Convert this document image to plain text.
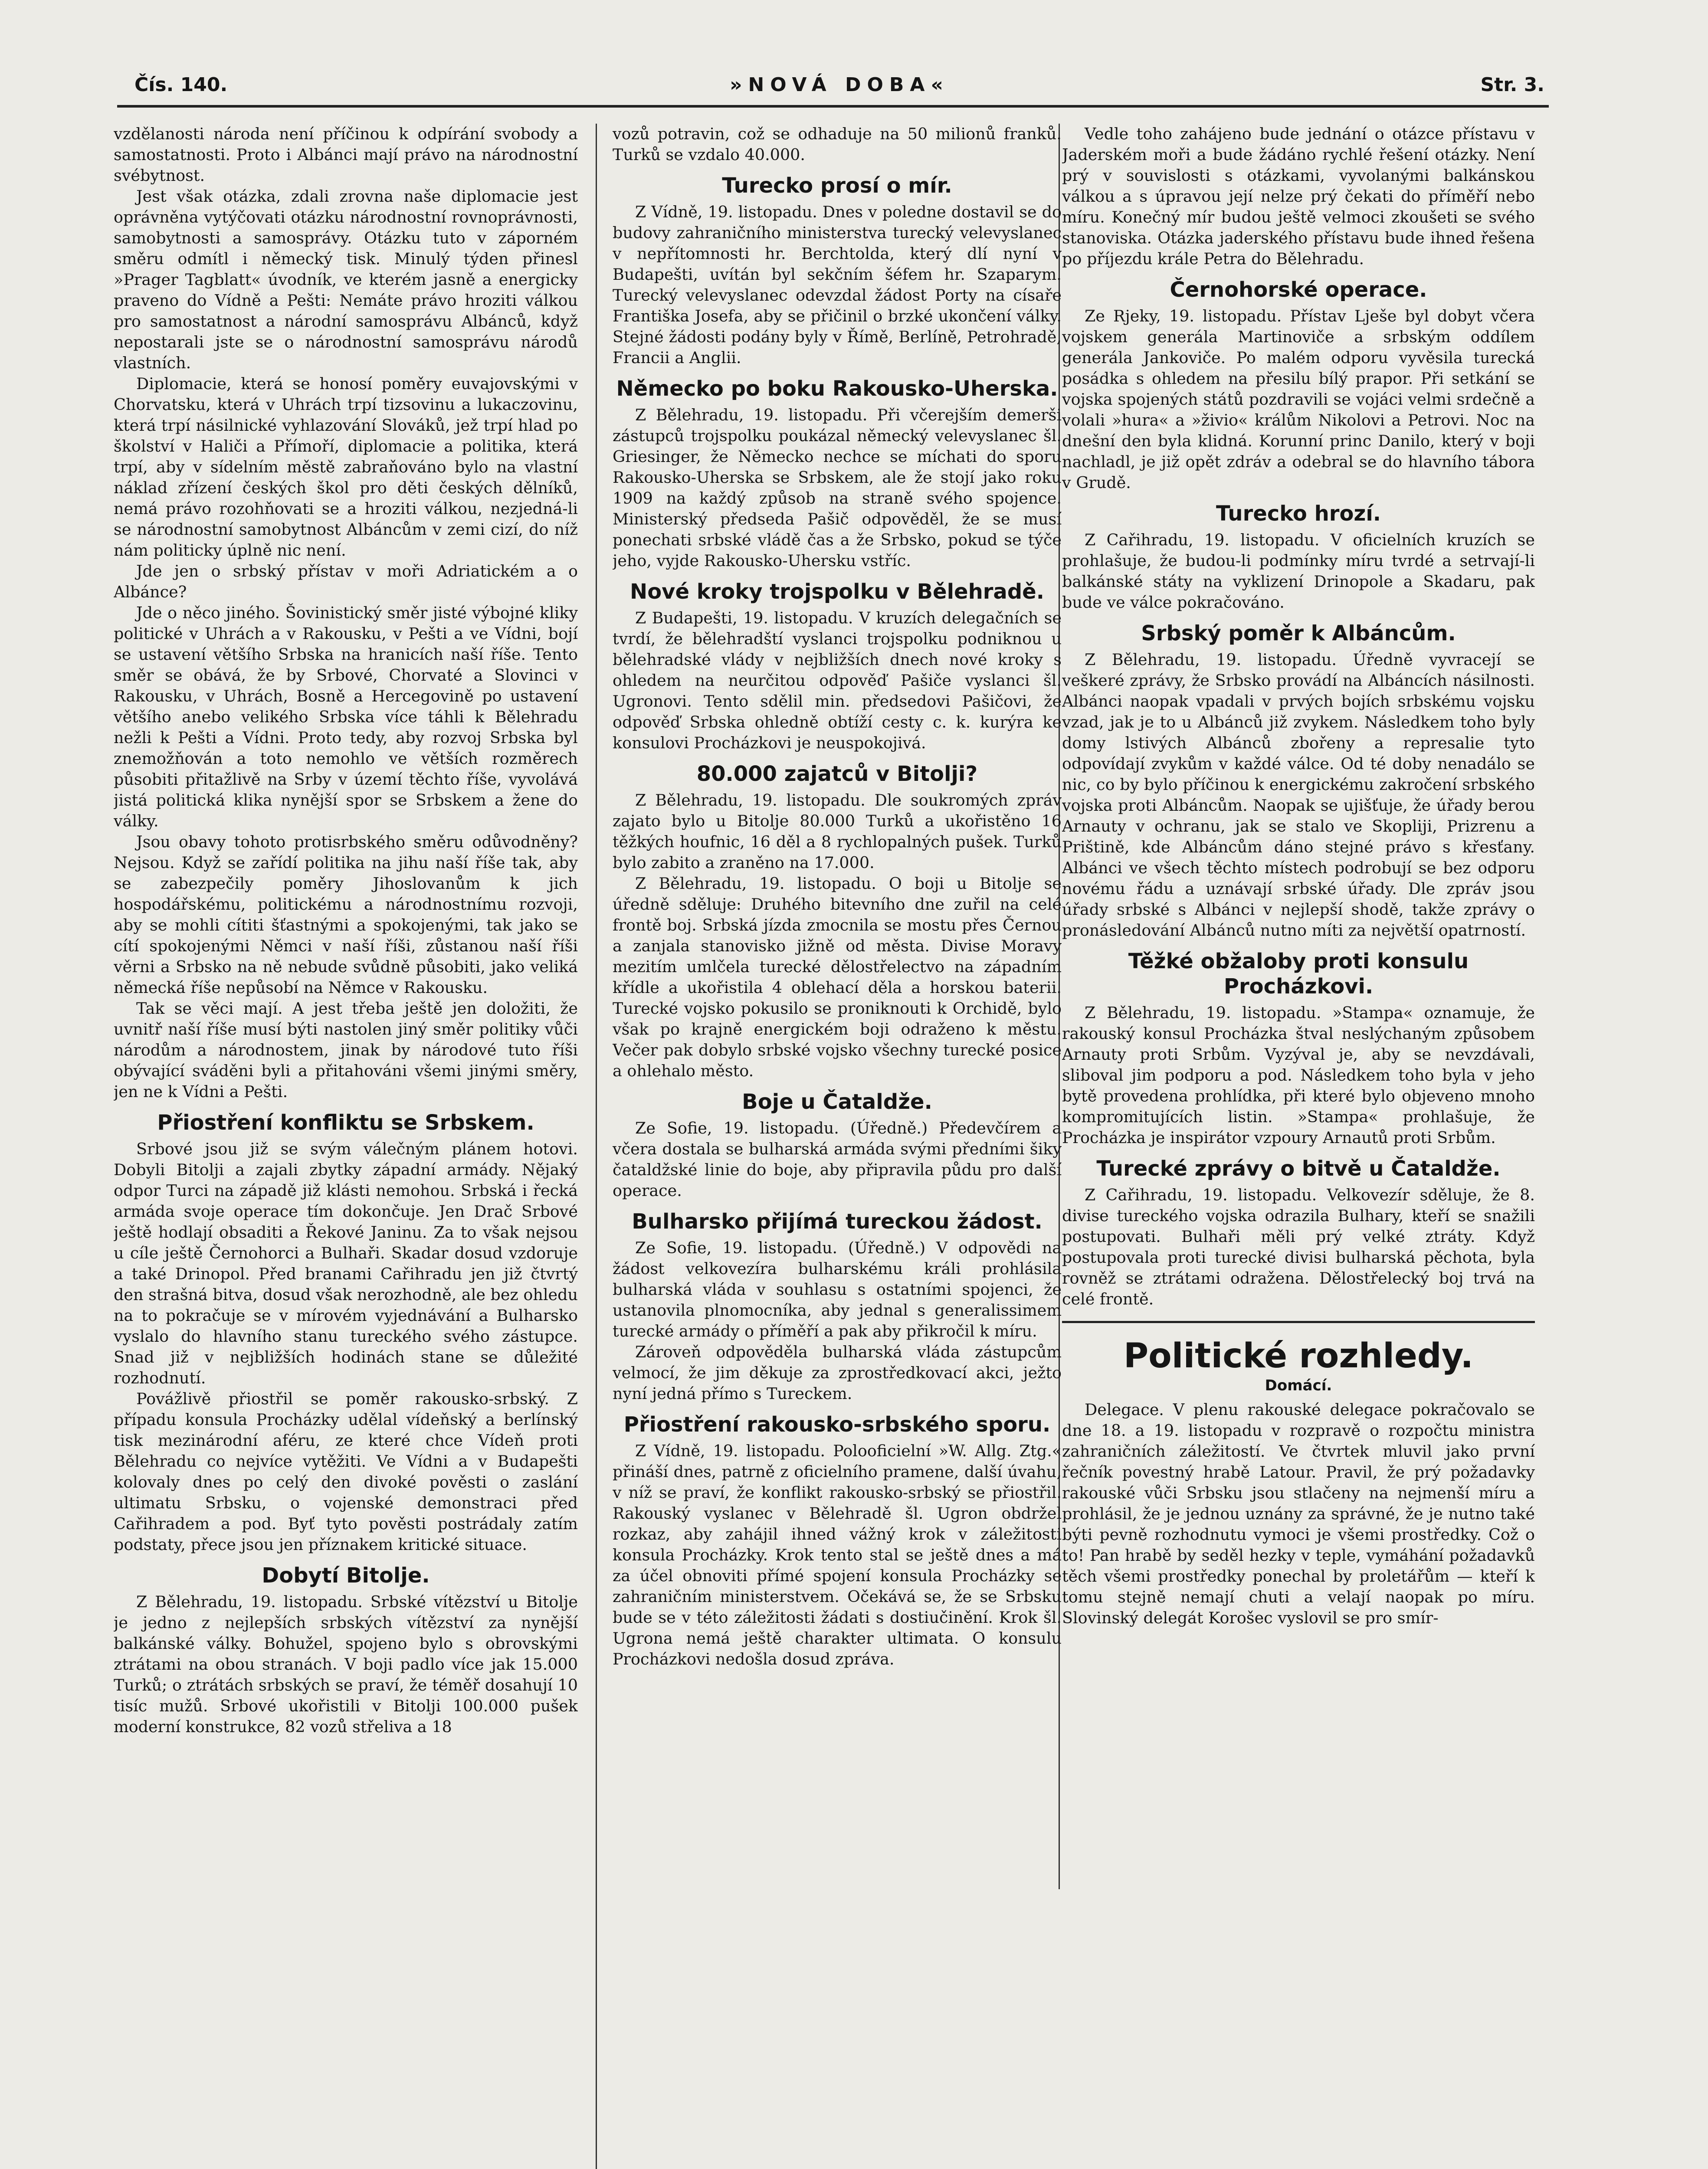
Čís. 140.	»NOVÁ DOBA«	Str. 3.

vzdělanosti národa není příčinou k odpírání svobody a samostatnosti. Proto i Albánci mají právo na národnostní svébytnost.

Jest však otázka, zdali zrovna naše diplomacie jest oprávněna vytýčovati otázku národnostní rovnoprávnosti, samobytnosti a samosprávy. Otázku tuto v záporném směru odmítl i německý tisk. Minulý týden přinesl »Prager Tagblatt« úvodník, ve kterém jasně a energicky praveno do Vídně a Pešti: Nemáte právo hroziti válkou pro samostatnost a národní samosprávu Albánců, když nepostarali jste se o národnostní samosprávu národů vlastních.

Diplomacie, která se honosí poměry euvajovskými v Chorvatsku, která v Uhrách trpí tizsovinu a lukaczovinu, která trpí násilnické vyhlazování Slováků, jež trpí hlad po školství v Haliči a Přímoří, diplomacie a politika, která trpí, aby v sídelním městě zabraňováno bylo na vlastní náklad zřízení českých škol pro děti českých dělníků, nemá právo rozohňovati se a hroziti válkou, nezjedná-li se národnostní samobytnost Albáncům v zemi cizí, do níž nám politicky úplně nic není.

Jde jen o srbský přístav v moři Adriatickém a o Albánce?

Jde o něco jiného. Šovinistický směr jisté výbojné kliky politické v Uhrách a v Rakousku, v Pešti a ve Vídni, bojí se ustavení většího Srbska na hranicích naší říše. Tento směr se obává, že by Srbové, Chorvaté a Slovinci v Rakousku, v Uhrách, Bosně a Hercegovině po ustavení většího anebo velikého Srbska více táhli k Bělehradu nežli k Pešti a Vídni. Proto tedy, aby rozvoj Srbska byl znemožňován a toto nemohlo ve větších rozměrech působiti přitažlivě na Srby v území těchto říše, vyvolává jistá politická klika nynější spor se Srbskem a žene do války.

Jsou obavy tohoto protisrbského směru odůvodněny? Nejsou. Když se zařídí politika na jihu naší říše tak, aby se zabezpečily poměry Jihoslovanům k jich hospodářskému, politickému a národnostnímu rozvoji, aby se mohli cítiti šťastnými a spokojenými, tak jako se cítí spokojenými Němci v naší říši, zůstanou naší říši věrni a Srbsko na ně nebude svůdně působiti, jako veliká německá říše nepůsobí na Němce v Rakousku.

Tak se věci mají. A jest třeba ještě jen doložiti, že uvnitř naší říše musí býti nastolen jiný směr politiky vůči národům a národnostem, jinak by národové tuto říši obývající sváděni byli a přitahováni všemi jinými směry, jen ne k Vídni a Pešti.

Přiostření konfliktu se Srbskem.

Srbové jsou již se svým válečným plánem hotovi. Dobyli Bitolji a zajali zbytky západní armády. Nějaký odpor Turci na západě již klásti nemohou. Srbská i řecká armáda svoje operace tím dokončuje. Jen Drač Srbové ještě hodlají obsaditi a Řekové Janinu. Za to však nejsou u cíle ještě Černohorci a Bulhaři. Skadar dosud vzdoruje a také Drinopol. Před branami Cařihradu jen již čtvrtý den strašná bitva, dosud však nerozhodně, ale bez ohledu na to pokračuje se v mírovém vyjednávání a Bulharsko vyslalo do hlavního stanu tureckého svého zástupce. Snad již v nejbližších hodinách stane se důležité rozhodnutí.

Povážlivě přiostřil se poměr rakousko-srbský. Z případu konsula Procházky udělal vídeňský a berlínský tisk mezinárodní aféru, ze které chce Vídeň proti Bělehradu co nejvíce vytěžiti. Ve Vídni a v Budapešti kolovaly dnes po celý den divoké pověsti o zaslání ultimatu Srbsku, o vojenské demonstraci před Cařihradem a pod. Byť tyto pověsti postrádaly zatím podstaty, přece jsou jen příznakem kritické situace.

Dobytí Bitolje.

Z Bělehradu, 19. listopadu. Srbské vítězství u Bitolje je jedno z nejlepších srbských vítězství za nynější balkánské války. Bohužel, spojeno bylo s obrovskými ztrátami na obou stranách. V boji padlo více jak 15.000 Turků; o ztrátách srbských se praví, že téměř dosahují 10 tisíc mužů. Srbové ukořistili v Bitolji 100.000 pušek moderní konstrukce, 82 vozů střeliva a 18

vozů potravin, což se odhaduje na 50 milionů franků. Turků se vzdalo 40.000.

Turecko prosí o mír.

Z Vídně, 19. listopadu. Dnes v poledne dostavil se do budovy zahraničního ministerstva turecký velevyslanec v nepřítomnosti hr. Berchtolda, který dlí nyní v Budapešti, uvítán byl sekčním šéfem hr. Szaparym. Turecký velevyslanec odevzdal žádost Porty na císaře Františka Josefa, aby se přičinil o brzké ukončení války. Stejné žádosti podány byly v Římě, Berlíně, Petrohradě, Francii a Anglii.

Německo po boku Rakousko-Uherska.

Z Bělehradu, 19. listopadu. Při včerejším demerši zástupců trojspolku poukázal německý velevyslanec šl. Griesinger, že Německo nechce se míchati do sporu Rakousko-Uherska se Srbskem, ale že stojí jako roku 1909 na každý způsob na straně svého spojence. Ministerský předseda Pašič odpověděl, že se musí ponechati srbské vládě čas a že Srbsko, pokud se týče jeho, vyjde Rakousko-Uhersku vstříc.

Nové kroky trojspolku v Bělehradě.

Z Budapešti, 19. listopadu. V kruzích delegačních se tvrdí, že bělehradští vyslanci trojspolku podniknou u bělehradské vlády v nejbližších dnech nové kroky s ohledem na neurčitou odpověď Pašiče vyslanci šl. Ugronovi. Tento sdělil min. předsedovi Pašičovi, že odpověď Srbska ohledně obtíží cesty c. k. kurýra ke konsulovi Procházkovi je neuspokojivá.

80.000 zajatců v Bitolji?

Z Bělehradu, 19. listopadu. Dle soukromých zpráv zajato bylo u Bitolje 80.000 Turků a ukořistěno 16 těžkých houfnic, 16 děl a 8 rychlopalných pušek. Turků bylo zabito a zraněno na 17.000.

Z Bělehradu, 19. listopadu. O boji u Bitolje se úředně sděluje: Druhého bitevního dne zuřil na celé frontě boj. Srbská jízda zmocnila se mostu přes Černou a zanjala stanovisko jižně od města. Divise Moravy mezitím umlčela turecké dělostřelectvo na západním křídle a ukořistila 4 oblehací děla a horskou baterii. Turecké vojsko pokusilo se proniknouti k Orchidě, bylo však po krajně energickém boji odraženo k městu. Večer pak dobylo srbské vojsko všechny turecké posice a ohlehalo město.

Boje u Čataldže.

Ze Sofie, 19. listopadu. (Úředně.) Předevčírem a včera dostala se bulharská armáda svými předními šiky čataldžské linie do boje, aby připravila půdu pro další operace.

Bulharsko přijímá tureckou žádost.

Ze Sofie, 19. listopadu. (Úředně.) V odpovědi na žádost velkovezíra bulharskému králi prohlásila bulharská vláda v souhlasu s ostatními spojenci, že ustanovila plnomocníka, aby jednal s generalissimem turecké armády o příměří a pak aby přikročil k míru.

Zároveň odpověděla bulharská vláda zástupcům velmocí, že jim děkuje za zprostředkovací akci, ježto nyní jedná přímo s Tureckem.

Přiostření rakousko-srbského sporu.

Z Vídně, 19. listopadu. Polooficielní »W. Allg. Ztg.« přináší dnes, patrně z oficielního pramene, další úvahu, v níž se praví, že konflikt rakousko-srbský se přiostřil. Rakouský vyslanec v Bělehradě šl. Ugron obdržel rozkaz, aby zahájil ihned vážný krok v záležitosti konsula Procházky. Krok tento stal se ještě dnes a má za účel obnoviti přímé spojení konsula Procházky se zahraničním ministerstvem. Očekává se, že se Srbsku bude se v této záležitosti žádati s dostiučinění. Krok šl. Ugrona nemá ještě charakter ultimata. O konsulu Procházkovi nedošla dosud zpráva.

Vedle toho zahájeno bude jednání o otázce přístavu v Jaderském moři a bude žádáno rychlé řešení otázky. Není prý v souvislosti s otázkami, vyvolanými balkánskou válkou a s úpravou její nelze prý čekati do příměří nebo míru. Konečný mír budou ještě velmoci zkoušeti se svého stanoviska. Otázka jaderského přístavu bude ihned řešena po příjezdu krále Petra do Bělehradu.

Černohorské operace.

Ze Rjeky, 19. listopadu. Přístav Lješe byl dobyt včera vojskem generála Martinoviče a srbským oddílem generála Jankoviče. Po malém odporu vyvěsila turecká posádka s ohledem na přesilu bílý prapor. Při setkání se vojska spojených států pozdravili se vojáci velmi srdečně a volali »hura« a »živio« králům Nikolovi a Petrovi. Noc na dnešní den byla klidná. Korunní princ Danilo, který v boji nachladl, je již opět zdráv a odebral se do hlavního tábora v Grudě.

Turecko hrozí.

Z Cařihradu, 19. listopadu. V oficielních kruzích se prohlašuje, že budou-li podmínky míru tvrdé a setrvají-li balkánské státy na vyklizení Drinopole a Skadaru, pak bude ve válce pokračováno.

Srbský poměr k Albáncům.

Z Bělehradu, 19. listopadu. Úředně vyvracejí se veškeré zprávy, že Srbsko provádí na Albáncích násilnosti. Albánci naopak vpadali v prvých bojích srbskému vojsku vzad, jak je to u Albánců již zvykem. Následkem toho byly domy lstivých Albánců zbořeny a represalie tyto odpovídají zvykům v každé válce. Od té doby nenadálo se nic, co by bylo příčinou k energickému zakročení srbského vojska proti Albáncům. Naopak se ujišťuje, že úřady berou Arnauty v ochranu, jak se stalo ve Skopliji, Prizrenu a Prištině, kde Albáncům dáno stejné právo s křesťany. Albánci ve všech těchto místech podrobují se bez odporu novému řádu a uznávají srbské úřady. Dle zpráv jsou úřady srbské s Albánci v nejlepší shodě, takže zprávy o pronásledování Albánců nutno míti za největší opatrností.

Těžké obžaloby proti konsulu Procházkovi.

Z Bělehradu, 19. listopadu. »Stampa« oznamuje, že rakouský konsul Procházka štval neslýchaným způsobem Arnauty proti Srbům. Vyzýval je, aby se nevzdávali, sliboval jim podporu a pod. Následkem toho byla v jeho bytě provedena prohlídka, při které bylo objeveno mnoho kompromitujících listin. »Stampa« prohlašuje, že Procházka je inspirátor vzpoury Arnautů proti Srbům.

Turecké zprávy o bitvě u Čataldže.

Z Cařihradu, 19. listopadu. Velkovezír sděluje, že 8. divise tureckého vojska odrazila Bulhary, kteří se snažili postupovati. Bulhaři měli prý velké ztráty. Když postupovala proti turecké divisi bulharská pěchota, byla rovněž se ztrátami odražena. Dělostřelecký boj trvá na celé frontě.

Politické rozhledy.
Domácí.

Delegace. V plenu rakouské delegace pokračovalo se dne 18. a 19. listopadu v rozpravě o rozpočtu ministra zahraničních záležitostí. Ve čtvrtek mluvil jako první řečník povestný hrabě Latour. Pravil, že prý požadavky rakouské vůči Srbsku jsou stlačeny na nejmenší míru a prohlásil, že je jednou uznány za správné, že je nutno také býti pevně rozhodnutu vymoci je všemi prostředky. Což o to! Pan hrabě by seděl hezky v teple, vymáhání požadavků těch všemi prostředky ponechal by proletářům — kteří k tomu stejně nemají chuti a velají naopak po míru. Slovinský delegát Korošec vyslovil se pro smír-
